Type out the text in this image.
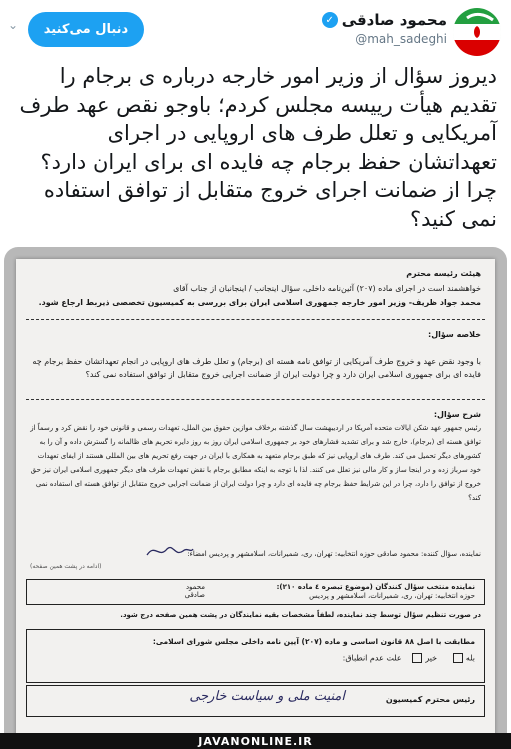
⌄	دنبال می‌کنید
محمود صادقی
✓
@mah_sadeghi
دیروز سؤال از وزیر امور خارجه درباره ی برجام را تقدیم هیأت رییسه مجلس کردم؛ باوجو نقص عهد طرف آمریکایی و تعلل طرف های اروپایی در اجرای تعهداتشان حفظ برجام چه فایده ای برای ایران دارد؟ چرا از ضمانت اجرای خروج متقابل از توافق استفاده نمی کنید؟
هیئت رئیسه محترم
خواهشمند است در اجرای ماده (۲۰۷) آئین‌نامه داخلی، سؤال اینجانب / اینجانبان از جناب آقای
محمد جواد ظریف- وزیر امور خارجه جمهوری اسلامی ایران برای بررسی به کمیسیون تخصصی ذیربط ارجاع شود.
خلاصه سؤال:
با وجود نقض عهد و خروج طرف آمریکایی از توافق نامه هسته ای (برجام) و تعلل طرف های اروپایی در انجام تعهداتشان حفظ برجام چه فایده ای برای جمهوری اسلامی ایران دارد و چرا دولت ایران از ضمانت اجرایی خروج متقابل از توافق استفاده نمی کند؟
شرح سؤال:
رئیس جمهور عهد شکن ایالات متحده آمریکا در اردیبهشت سال گذشته برخلاف موازین حقوق بین الملل، تعهدات رسمی و قانونی خود را نقض کرد و رسماً از توافق هسته ای (برجام)، خارج شد و برای تشدید فشارهای خود بر جمهوری اسلامی ایران روز به روز دایره تحریم های ظالمانه را گسترش داده و آن را به کشورهای دیگر تحمیل می کند. طرف های اروپایی نیز که طبق برجام متعهد به همکاری با ایران در جهت رفع تحریم های بین المللی هستند از ایفای تعهدات خود سرباز زده و در اینجا ساز و کار مالی نیز تعلل می کنند. لذا با توجه به اینکه مطابق برجام با نقض تعهدات طرف های دیگر جمهوری اسلامی ایران نیز حق خروج از توافق را دارد، چرا در این شرایط حفظ برجام چه فایده ای دارد و چرا دولت ایران از ضمانت اجرایی خروج متقابل از توافق هسته ای استفاده نمی کند؟
نماینده، سؤال کننده: محمود صادقی حوزه انتخابیه: تهران، ری، شمیرانات، اسلامشهر و پردیس امضاء:
(ادامه در پشت همین صفحه)
نماینده منتخب سؤال کنندگان (موضوع تبصره ٤ ماده ٢١٠):
محمود صادقی	حوزه انتخابیه: تهران، ری، شمیرانات، اسلامشهر و پردیس
در صورت تنظیم سؤال توسط چند نماینده، لطفاً مشخصات بقیه نمایندگان در پشت همین صفحه درج شود.
مطابقت با اصل ۸۸ قانون اساسی و ماده (۲۰۷) آیین نامه داخلی مجلس شورای اسلامی:
بله     خیر   علت عدم انطباق:
رئیس محترم کمیسیون
امنیت ملی و سیاست خارجی
JAVANONLINE.IR
